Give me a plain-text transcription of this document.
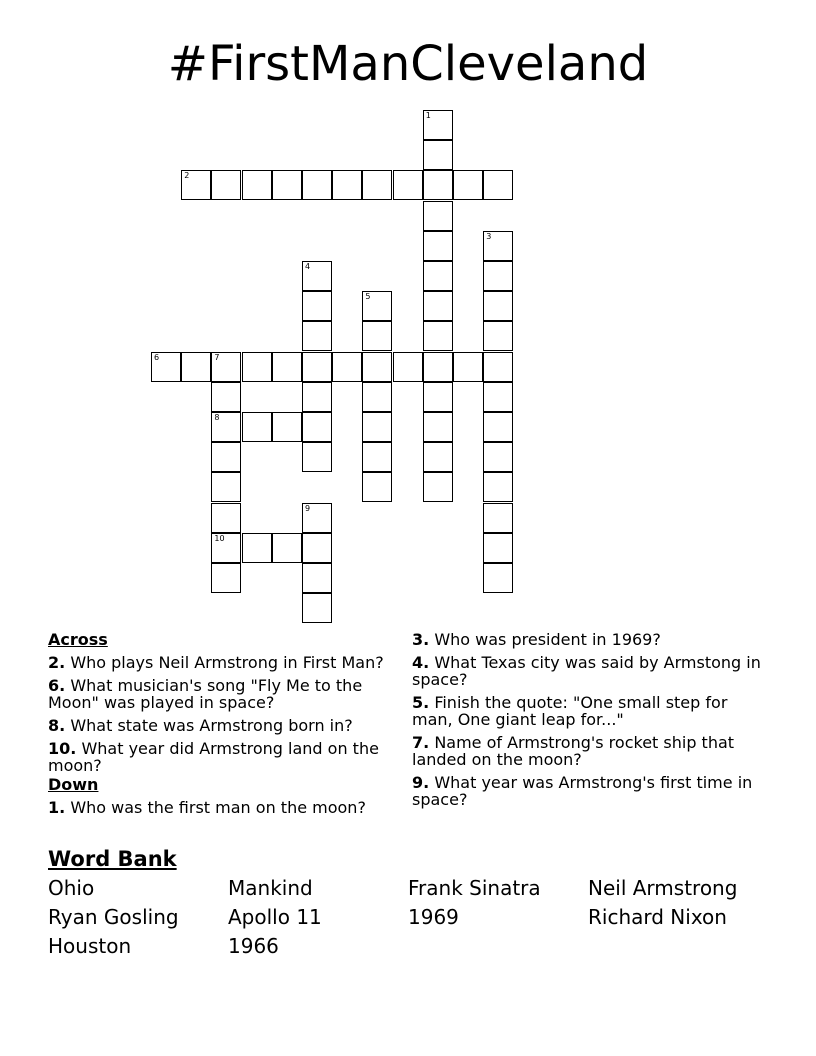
#FirstManCleveland
2
6	7
8
10
1
3
4
5
9
Across
2. Who plays Neil Armstrong in First Man?
6. What musician's song "Fly Me to the Moon" was played in space?
8. What state was Armstrong born in?
10. What year did Armstrong land on the moon?
Down
1. Who was the first man on the moon?
3. Who was president in 1969?
4. What Texas city was said by Armstong in space?
5. Finish the quote: "One small step for man, One giant leap for..."
7. Name of Armstrong's rocket ship that landed on the moon?
9. What year was Armstrong's first time in space?
Word Bank
Ohio	Mankind	Frank Sinatra	Neil Armstrong
Ryan Gosling	Apollo 11	1969	Richard Nixon
Houston	1966
